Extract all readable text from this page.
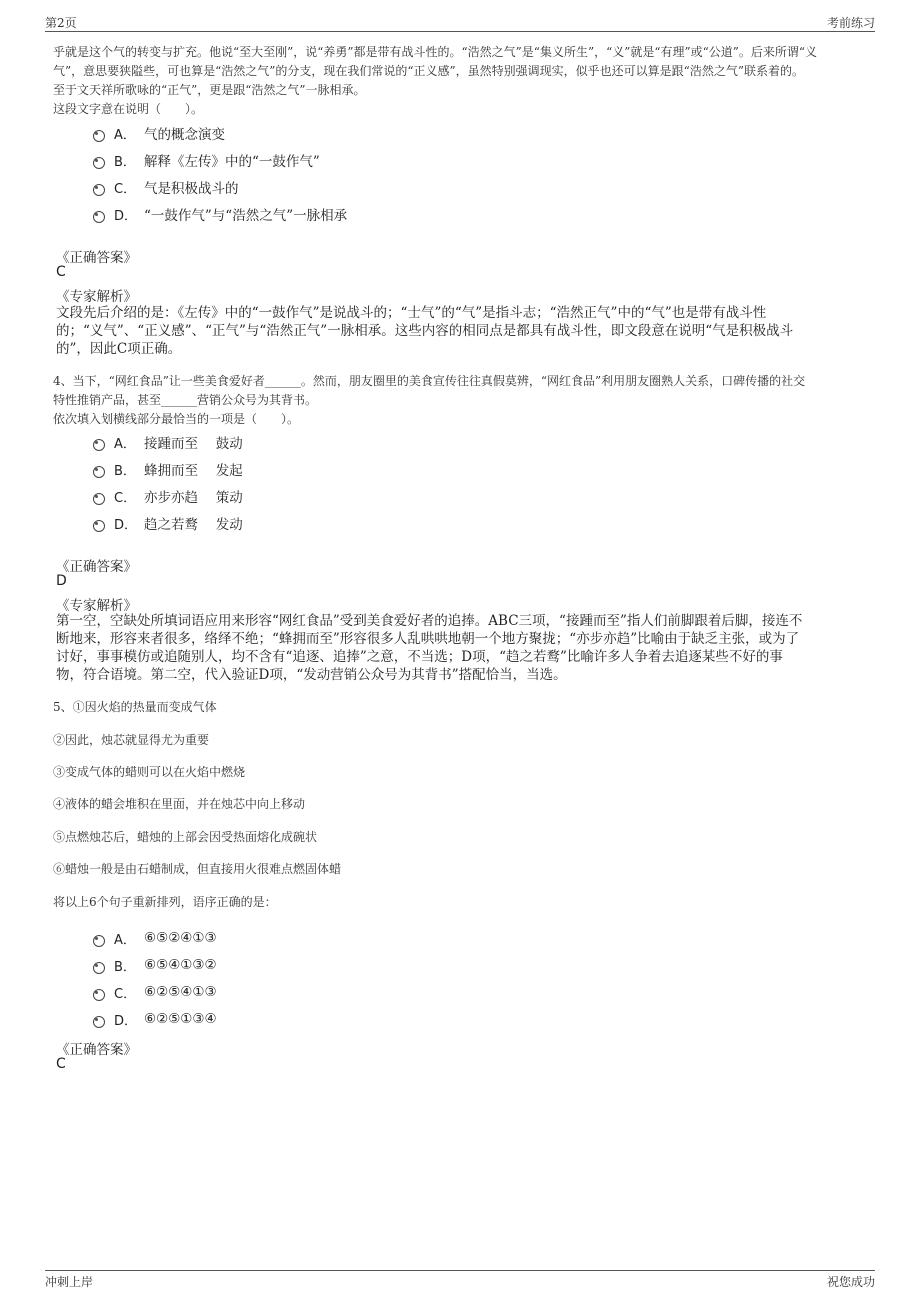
第2页	考前练习
乎就是这个气的转变与扩充。他说“至大至刚”，说“养勇”都是带有战斗性的。“浩然之气”是“集义所生”，“义”就是“有理”或“公道”。后来所谓“义
气”，意思要狭隘些，可也算是“浩然之气”的分支，现在我们常说的“正义感”，虽然特别强调现实，似乎也还可以算是跟“浩然之气”联系着的。
至于文天祥所歌咏的“正气”，更是跟“浩然之气”一脉相承。
这段文字意在说明（　　）。
A． 气的概念演变
B． 解释《左传》中的“一鼓作气”
C． 气是积极战斗的
D． “一鼓作气”与“浩然之气”一脉相承
《正确答案》
C
《专家解析》
文段先后介绍的是：《左传》中的“一鼓作气”是说战斗的；“士气”的“气”是指斗志；“浩然正气”中的“气”也是带有战斗性
的；“义气”、“正义感”、“正气”与“浩然正气”一脉相承。这些内容的相同点是都具有战斗性，即文段意在说明“气是积极战斗
的”，因此C项正确。
4、当下，“网红食品”让一些美食爱好者______。然而，朋友圈里的美食宣传往往真假莫辨，“网红食品”利用朋友圈熟人关系，口碑传播的社交
特性推销产品，甚至______营销公众号为其背书。
依次填入划横线部分最恰当的一项是（　　）。
A． 接踵而至　 鼓动
B． 蜂拥而至　 发起
C． 亦步亦趋　 策动
D． 趋之若鹜　 发动
《正确答案》
D
《专家解析》
第一空，空缺处所填词语应用来形容“网红食品”受到美食爱好者的追捧。ABC三项，“接踵而至”指人们前脚跟着后脚，接连不
断地来，形容来者很多，络绎不绝；“蜂拥而至”形容很多人乱哄哄地朝一个地方聚拢；“亦步亦趋”比喻由于缺乏主张，或为了
讨好，事事模仿或追随别人，均不含有“追逐、追捧”之意，不当选；D项，“趋之若鹜”比喻许多人争着去追逐某些不好的事
物，符合语境。第二空，代入验证D项，“发动营销公众号为其背书”搭配恰当，当选。
5、①因火焰的热量而变成气体
②因此，烛芯就显得尤为重要
③变成气体的蜡则可以在火焰中燃烧
④液体的蜡会堆积在里面，并在烛芯中向上移动
⑤点燃烛芯后，蜡烛的上部会因受热面熔化成碗状
⑥蜡烛一般是由石蜡制成，但直接用火很难点燃固体蜡
将以上6个句子重新排列，语序正确的是：
A． ⑥⑤②④①③
B． ⑥⑤④①③②
C． ⑥②⑤④①③
D． ⑥②⑤①③④
《正确答案》
C
冲刺上岸	祝您成功
